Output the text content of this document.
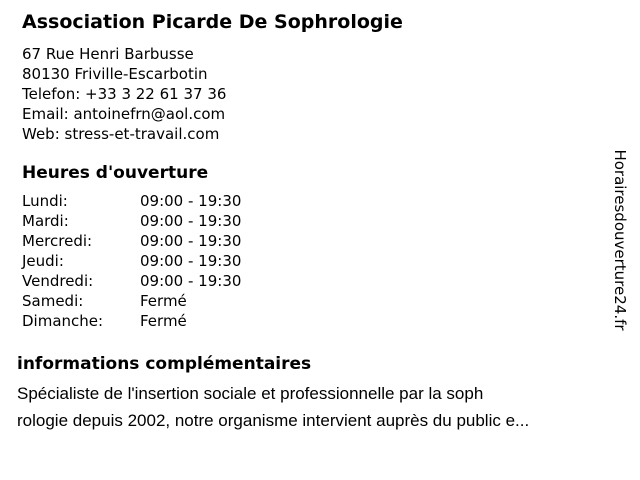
Association Picarde De Sophrologie
67 Rue Henri Barbusse
80130 Friville-Escarbotin
Telefon: +33 3 22 61 37 36
Email: antoinefrn@aol.com
Web: stress-et-travail.com
Heures d'ouverture
Lundi:	09:00 - 19:30
Mardi:	09:00 - 19:30
Mercredi:	09:00 - 19:30
Jeudi:	09:00 - 19:30
Vendredi:	09:00 - 19:30
Samedi:	Fermé
Dimanche: Fermé
informations complémentaires
Spécialiste de l'insertion sociale et professionnelle par la soph
rologie depuis 2002, notre organisme intervient auprès du public e...
Horairesdouverture24.fr
